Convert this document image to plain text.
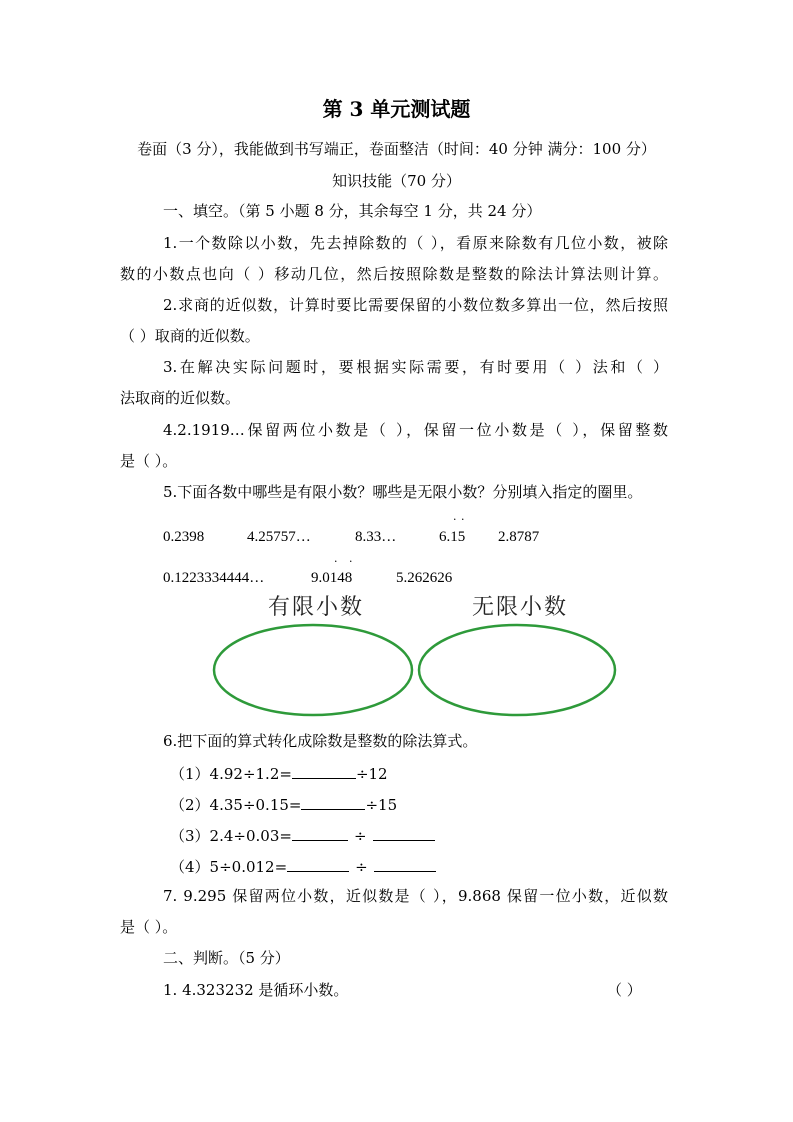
第 3 单元测试题
卷面（3 分），我能做到书写端正，卷面整洁（时间：40 分钟 满分：100 分）
知识技能（70 分）
一、填空。（第 5 小题 8 分，其余每空 1 分，共 24 分）
1.一个数除以小数，先去掉除数的（ ），看原来除数有几位小数，被除
数的小数点也向（ ）移动几位，然后按照除数是整数的除法计算法则计算。
2.求商的近似数，计算时要比需要保留的小数位数多算出一位，然后按照
（ ）取商的近似数。
3.在解决实际问题时，要根据实际需要，有时要用（ ）法和（ ）
法取商的近似数。
4.2.1919…保留两位小数是（ ），保留一位小数是（ ），保留整数
是（ ）。
5.下面各数中哪些是有限小数？哪些是无限小数？分别填入指定的圈里。
0.2398	4.25757…	8.33…	6.15
· ·
2.8787
0.1223334444…	9.0148
· ·
5.262626
有限小数	无限小数
6.把下面的算式转化成除数是整数的除法算式。
（1）4.92÷1.2=	÷12
（2）4.35÷0.15=	÷15
（3）2.4÷0.03=	÷
（4）5÷0.012=	÷
7. 9.295 保留两位小数，近似数是（ ），9.868 保留一位小数，近似数
是（ ）。
二、判断。（5 分）
1. 4.323232 是循环小数。	（ ）
